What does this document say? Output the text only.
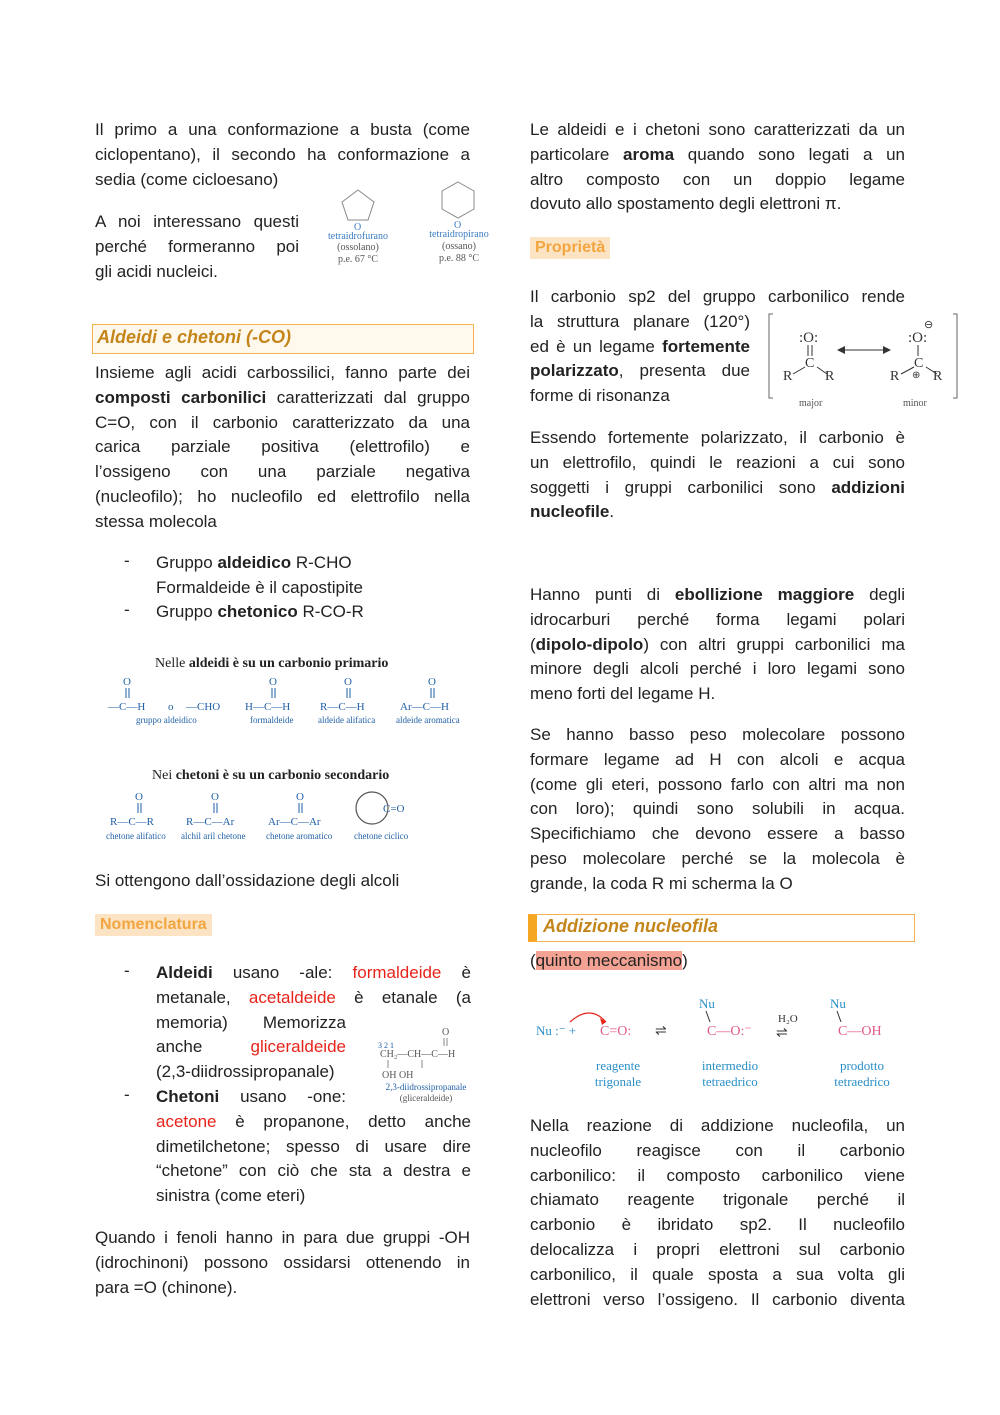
Il primo a una conformazione a busta (come
ciclopentano), il secondo ha conformazione a
sedia (come cicloesano)
A noi interessano questi
perché formeranno poi
gli acidi nucleici.
O	O
tetraidrofurano
(ossolano)
p.e. 67 °C
tetraidropirano
(ossano)
p.e. 88 °C
Aldeidi e chetoni (-CO)
Insieme agli acidi carbossilici, fanno parte dei
composti carbonilici caratterizzati dal gruppo
C=O, con il carbonio caratterizzato da una
carica parziale positiva (elettrofilo) e
l’ossigeno con una parziale negativa
(nucleofilo); ho nucleofilo ed elettrofilo nella
stessa molecola
- Gruppo aldeidico R-CHO
Formaldeide è il capostipite
- Gruppo chetonico R-CO-R
Nelle aldeidi è su un carbonio primario
O
—C—H o —CHO
gruppo aldeidico
O
H—C—H
formaldeide
O
R—C—H
aldeide alifatica
O
Ar—C—H
aldeide aromatica
Nei chetoni è su un carbonio secondario
O
R—C—R
chetone alifatico
O
R—C—Ar
alchil aril chetone
O
Ar—C—Ar
chetone aromatico
C=O
chetone ciclico
Si ottengono dall’ossidazione degli alcoli
Nomenclatura
- Aldeidi usano -ale: formaldeide è
metanale, acetaldeide è etanale (a
memoria) Memorizza
anche gliceraldeide
(2,3-diidrossipropanale)
O
3 2 1
CH₂—CH—C—H
OH OH
2,3-diidrossipropanale
(gliceraldeide)
- Chetoni usano -one:
acetone è propanone, detto anche
dimetilchetone; spesso di usare dire
“chetone” con ciò che sta a destra e
sinistra (come eteri)
Quando i fenoli hanno in para due gruppi -OH
(idrochinoni) possono ossidarsi ottenendo in
para =O (chinone).
Le aldeidi e i chetoni sono caratterizzati da un
particolare aroma quando sono legati a un
altro composto con un doppio legame
dovuto allo spostamento degli elettroni π.
Proprietà
Il carbonio sp2 del gruppo carbonilico rende
la struttura planare (120°)
ed è un legame fortemente
polarizzato, presenta due
forme di risonanza
:O:
C
R R
:O:
⊖
C
⊕
R R
major	minor
Essendo fortemente polarizzato, il carbonio è
un elettrofilo, quindi le reazioni a cui sono
soggetti i gruppi carbonilici sono addizioni
nucleofile.
Hanno punti di ebollizione maggiore degli
idrocarburi perché forma legami polari
(dipolo-dipolo) con altri gruppi carbonilici ma
minore degli alcoli perché i loro legami sono
meno forti del legame H.
Se hanno basso peso molecolare possono
formare legame ad H con alcoli e acqua
(come gli eteri, possono farlo con altri ma non
con loro); quindi sono solubili in acqua.
Specifichiamo che devono essere a basso
peso molecolare perché se la molecola è
grande, la coda R mi scherma la O
Addizione nucleofila
(quinto meccanismo)
Nu :⁻ + C=O: ⇌
Nu
C—O:⁻
H₂O
⇌
Nu
C—OH
reagente
trigonale
intermedio
tetraedrico
prodotto
tetraedrico
Nella reazione di addizione nucleofila, un
nucleofilo reagisce con il carbonio
carbonilico: il composto carbonilico viene
chiamato reagente trigonale perché il
carbonio è ibridato sp2. Il nucleofilo
delocalizza i propri elettroni sul carbonio
carbonilico, il quale sposta a sua volta gli
elettroni verso l’ossigeno. Il carbonio diventa
